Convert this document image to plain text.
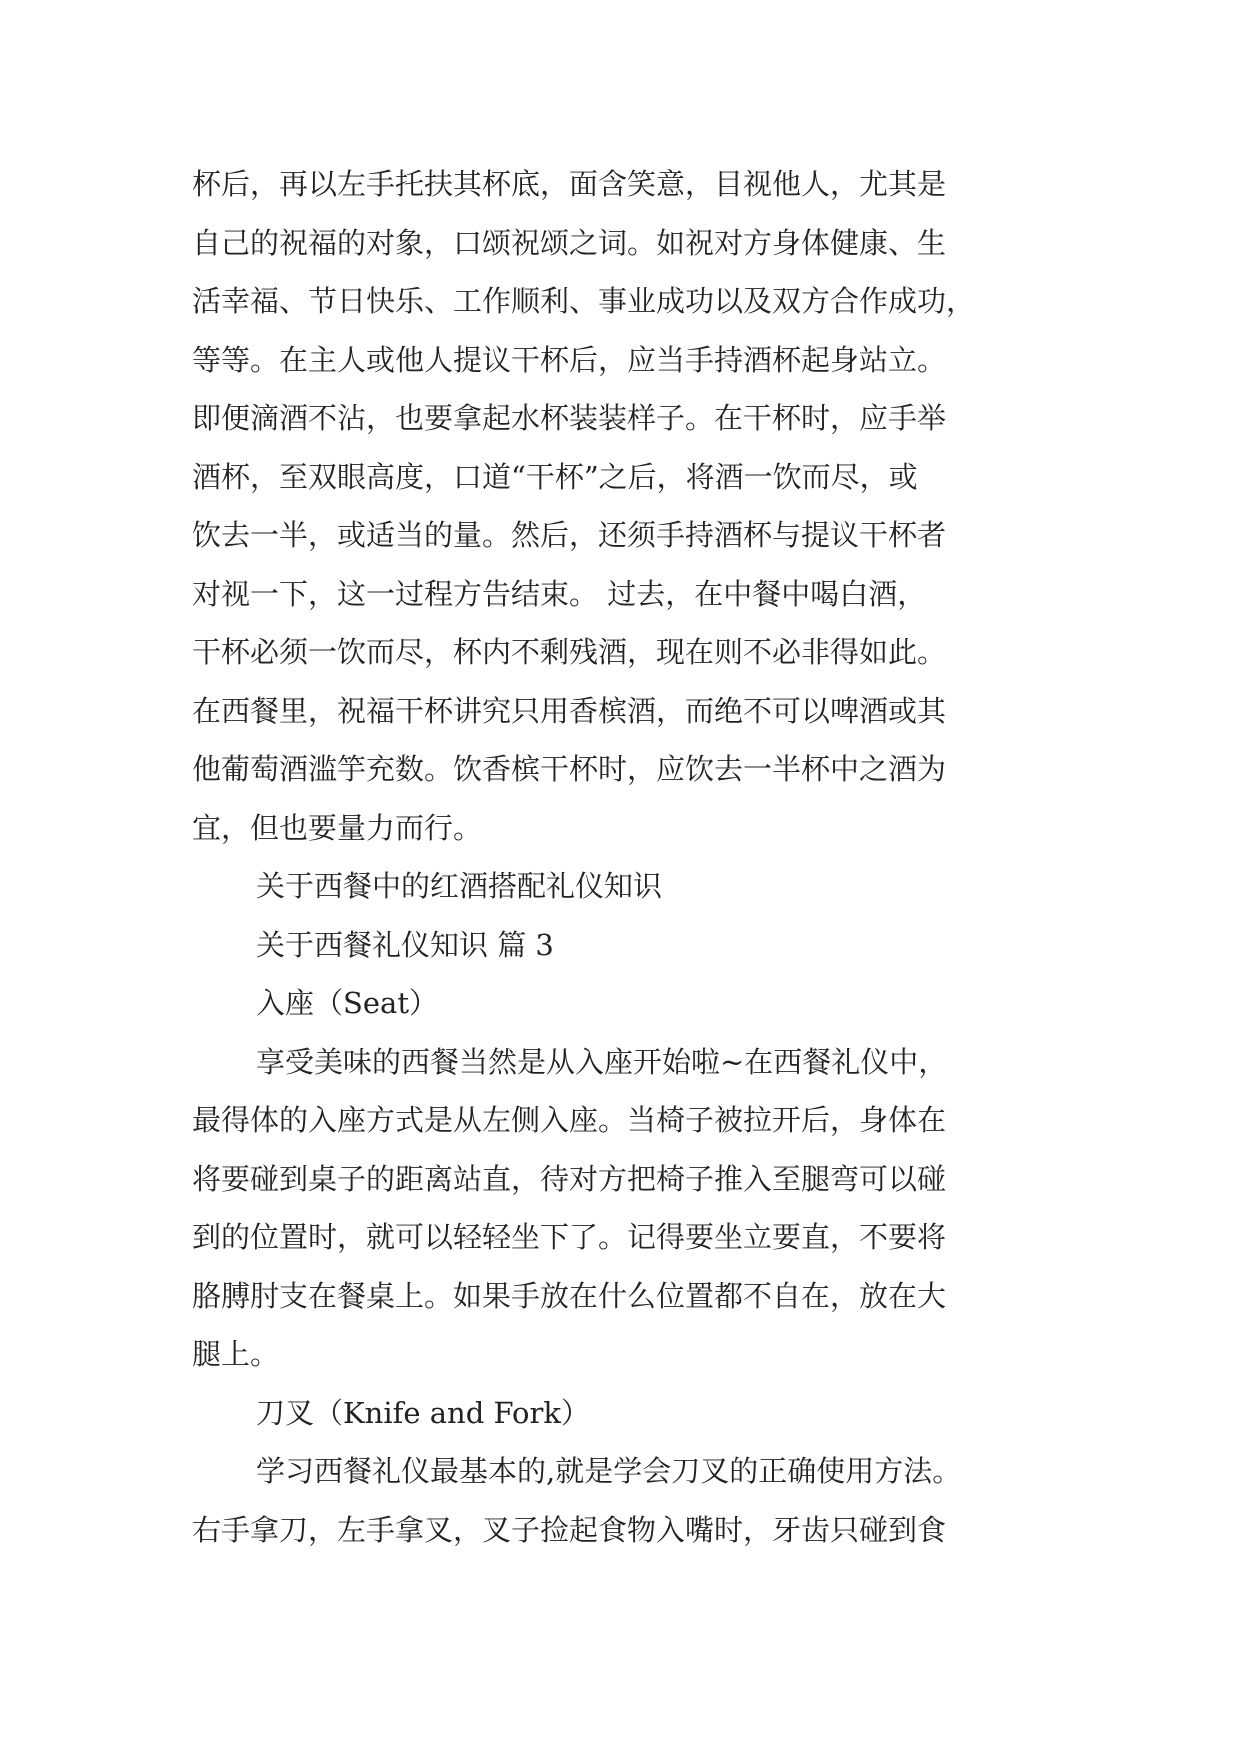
杯后，再以左手托扶其杯底，面含笑意，目视他人，尤其是
自己的祝福的对象，口颂祝颂之词。如祝对方身体健康、生
活幸福、节日快乐、工作顺利、事业成功以及双方合作成功，
等等。在主人或他人提议干杯后，应当手持酒杯起身站立。
即便滴酒不沾，也要拿起水杯装装样子。在干杯时，应手举
酒杯，至双眼高度，口道“干杯”之后，将酒一饮而尽，或
饮去一半，或适当的量。然后，还须手持酒杯与提议干杯者
对视一下，这一过程方告结束。 过去，在中餐中喝白酒，
干杯必须一饮而尽，杯内不剩残酒，现在则不必非得如此。
在西餐里，祝福干杯讲究只用香槟酒，而绝不可以啤酒或其
他葡萄酒滥竽充数。饮香槟干杯时，应饮去一半杯中之酒为
宜，但也要量力而行。
关于西餐中的红酒搭配礼仪知识
关于西餐礼仪知识 篇 3
入座（Seat）
享受美味的西餐当然是从入座开始啦~在西餐礼仪中，
最得体的入座方式是从左侧入座。当椅子被拉开后，身体在
将要碰到桌子的距离站直，待对方把椅子推入至腿弯可以碰
到的位置时，就可以轻轻坐下了。记得要坐立要直，不要将
胳膊肘支在餐桌上。如果手放在什么位置都不自在，放在大
腿上。
刀叉（Knife and Fork）
学习西餐礼仪最基本的,就是学会刀叉的正确使用方法。
右手拿刀，左手拿叉，叉子捡起食物入嘴时，牙齿只碰到食
